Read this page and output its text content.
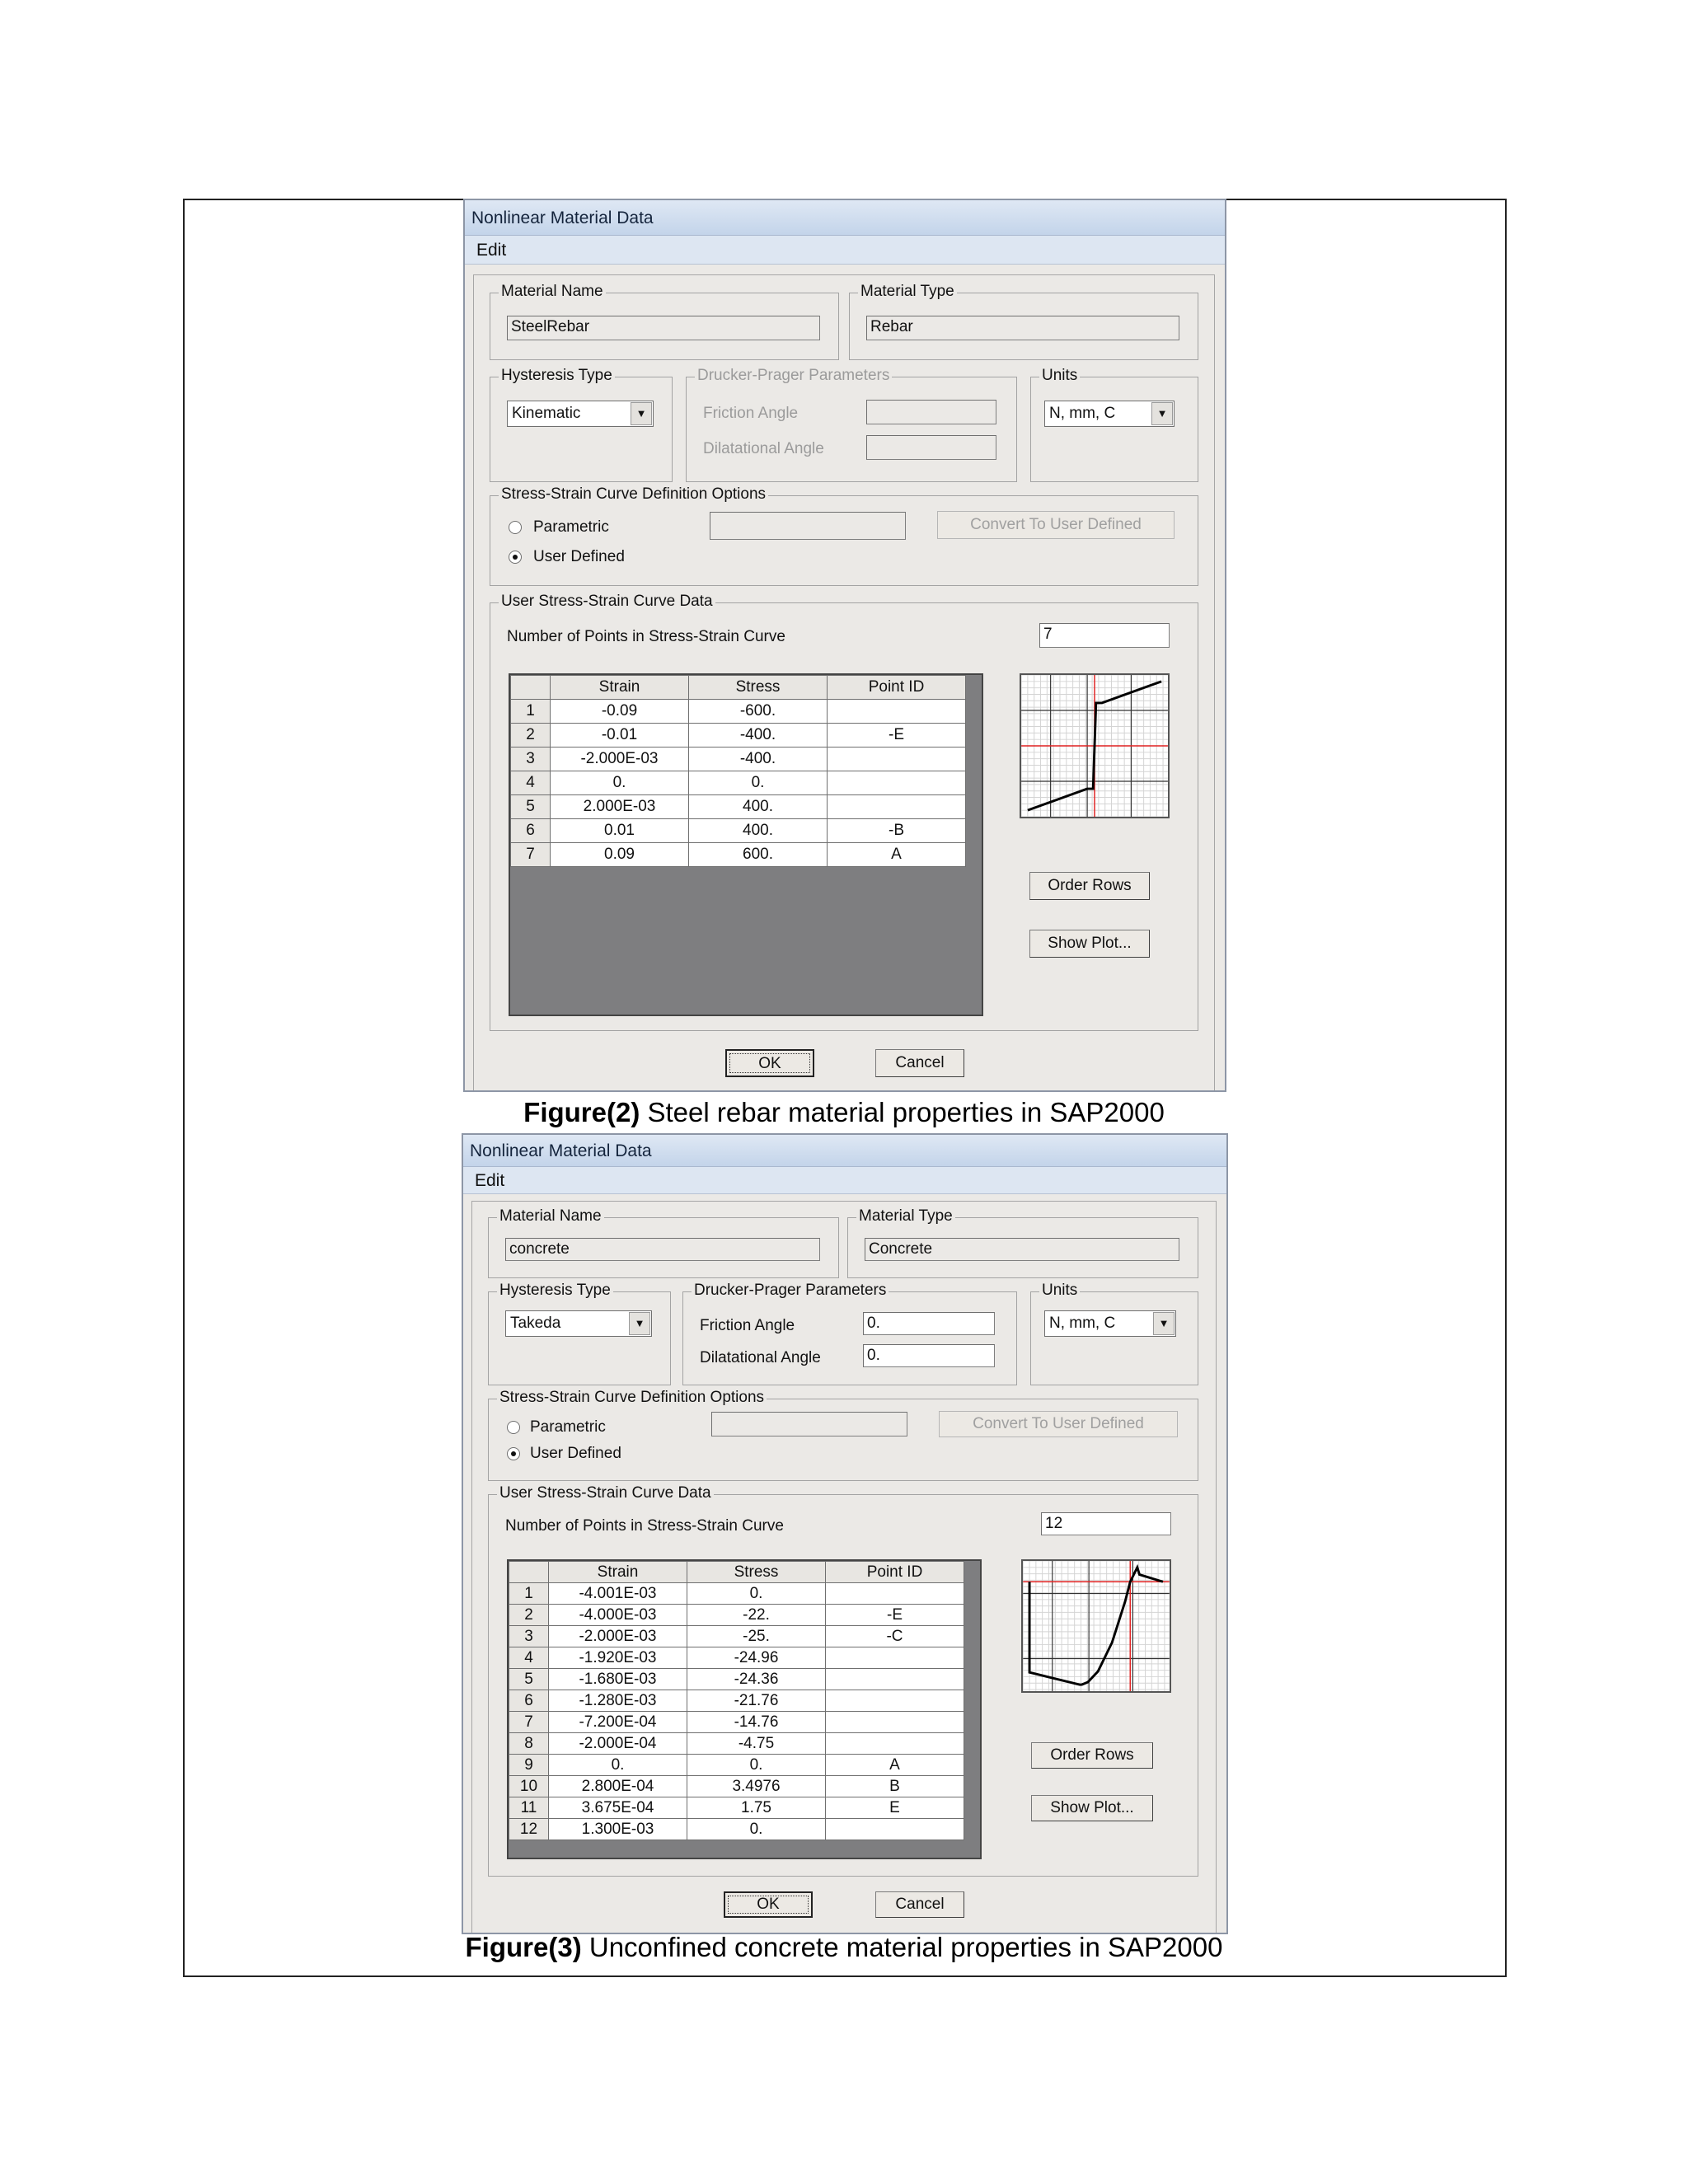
Nonlinear Material Data
Edit
Material Name
SteelRebar
Material Type
Rebar
Hysteresis Type
Kinematic	▼
Drucker-Prager Parameters
Friction Angle
Dilatational Angle
Units
N, mm, C	▼
Stress-Strain Curve Definition Options
Parametric
User Defined
Convert To User Defined
User Stress-Strain Curve Data
Number of Points in Stress-Strain Curve	7
	Strain	Stress	Point ID
1	-0.09	-600.	
2	-0.01	-400.	-E
3	-2.000E-03	-400.	
4	0.	0.	
5	2.000E-03	400.	
6	0.01	400.	-B
7	0.09	600.	A
Order Rows
Show Plot...
OK	Cancel
Figure(2) Steel rebar material properties in SAP2000
Nonlinear Material Data
Edit
Material Name
concrete
Material Type
Concrete
Hysteresis Type
Takeda	▼
Drucker-Prager Parameters
Friction Angle	0.
Dilatational Angle	0.
Units
N, mm, C	▼
Stress-Strain Curve Definition Options
Parametric
User Defined
Convert To User Defined
User Stress-Strain Curve Data
Number of Points in Stress-Strain Curve	12
	Strain	Stress	Point ID
1	-4.001E-03	0.	
2	-4.000E-03	-22.	-E
3	-2.000E-03	-25.	-C
4	-1.920E-03	-24.96	
5	-1.680E-03	-24.36	
6	-1.280E-03	-21.76	
7	-7.200E-04	-14.76	
8	-2.000E-04	-4.75	
9	0.	0.	A
10	2.800E-04	3.4976	B
11	3.675E-04	1.75	E
12	1.300E-03	0.	
Order Rows
Show Plot...
OK	Cancel
Figure(3) Unconfined concrete material properties in SAP2000
